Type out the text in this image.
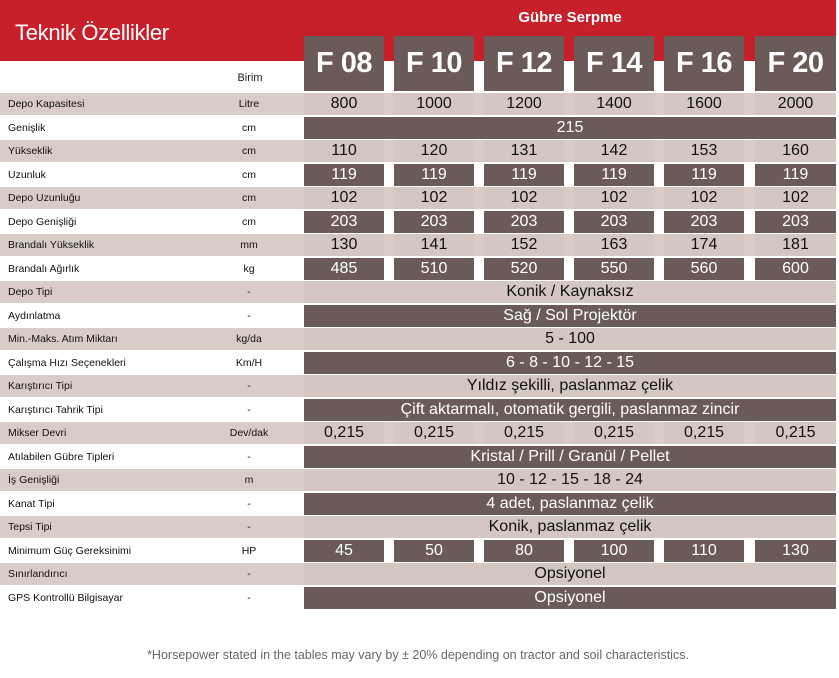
Teknik Özellikler
Gübre Serpme
F 08	F 10	F 12	F 14	F 16	F 20
Birim
Depo Kapasitesi	Litre	800	1000	1200	1400	1600	2000
Genişlik	cm	215
Yükseklik	cm	110	120	131	142	153	160
Uzunluk	cm	119	119	119	119	119	119
Depo Uzunluğu	cm	102	102	102	102	102	102
Depo Genişliği	cm	203	203	203	203	203	203
Brandalı Yükseklik	mm	130	141	152	163	174	181
Brandalı Ağırlık	kg	485	510	520	550	560	600
Depo Tipi	-	Konik / Kaynaksız
Aydınlatma	-	Sağ / Sol Projektör
Min.-Maks. Atım Miktarı	kg/da	5 - 100
Çalışma Hızı Seçenekleri	Km/H	6 - 8 - 10 - 12 - 15
Karıştırıcı Tipi	-	Yıldız şekilli, paslanmaz çelik
Karıştırıcı Tahrik Tipi	-	Çift aktarmalı, otomatik gergili, paslanmaz zincir
Mikser Devri	Dev/dak	0,215	0,215	0,215	0,215	0,215	0,215
Atılabilen Gübre Tipleri	-	Kristal / Prill / Granül / Pellet
İş Genişliği	m	10 - 12 - 15 - 18 - 24
Kanat Tipi	-	4 adet, paslanmaz çelik
Tepsi Tipi	-	Konik, paslanmaz çelik
Minimum Güç Gereksinimi	HP	45	50	80	100	110	130
Sınırlandırıcı	-	Opsiyonel
GPS Kontrollü Bilgisayar	-	Opsiyonel
*Horsepower stated in the tables may vary by ± 20% depending on tractor and soil characteristics.
